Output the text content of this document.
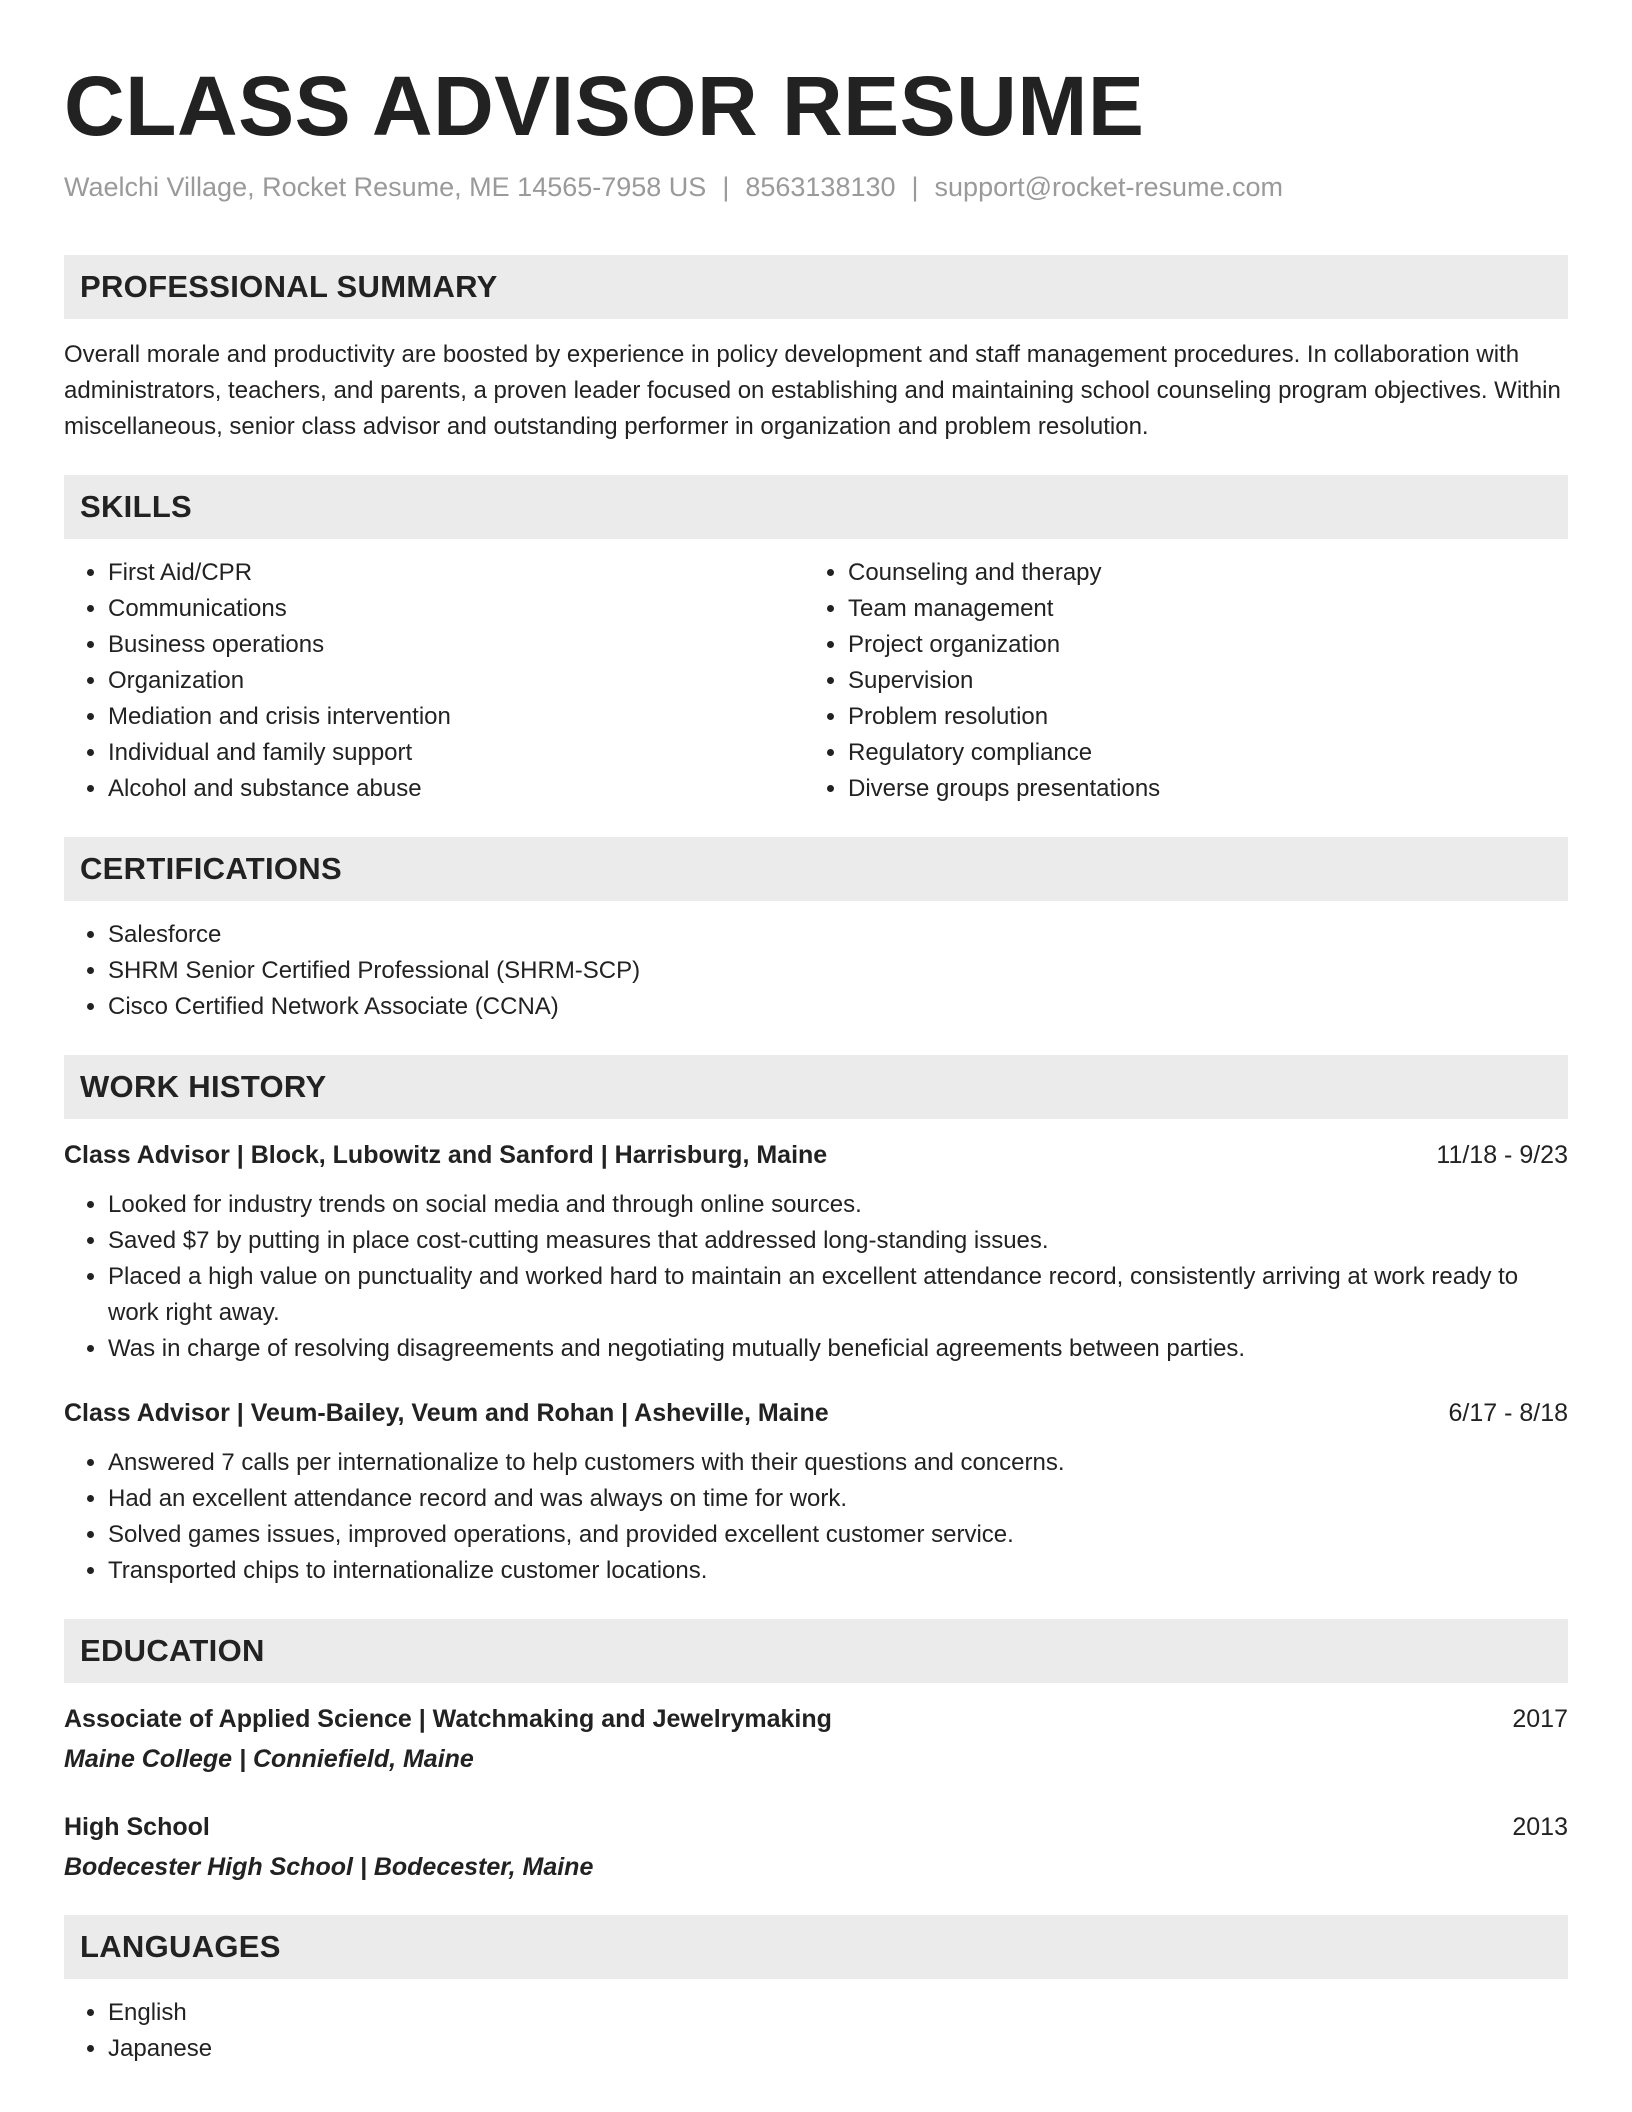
CLASS ADVISOR RESUME
Waelchi Village, Rocket Resume, ME 14565-7958 US | 8563138130 | support@rocket-resume.com
PROFESSIONAL SUMMARY

Overall morale and productivity are boosted by experience in policy development and staff management procedures. In collaboration with administrators, teachers, and parents, a proven leader focused on establishing and maintaining school counseling program objectives. Within miscellaneous, senior class advisor and outstanding performer in organization and problem resolution.

SKILLS
• First Aid/CPR
• Communications
• Business operations
• Organization
• Mediation and crisis intervention
• Individual and family support
• Alcohol and substance abuse
• Counseling and therapy
• Team management
• Project organization
• Supervision
• Problem resolution
• Regulatory compliance
• Diverse groups presentations
CERTIFICATIONS
• Salesforce
• SHRM Senior Certified Professional (SHRM-SCP)
• Cisco Certified Network Associate (CCNA)
WORK HISTORY
Class Advisor | Block, Lubowitz and Sanford | Harrisburg, Maine	11/18 - 9/23
• Looked for industry trends on social media and through online sources.
• Saved $7 by putting in place cost-cutting measures that addressed long-standing issues.
• Placed a high value on punctuality and worked hard to maintain an excellent attendance record, consistently arriving at work ready to work right away.
• Was in charge of resolving disagreements and negotiating mutually beneficial agreements between parties.
Class Advisor | Veum-Bailey, Veum and Rohan | Asheville, Maine	6/17 - 8/18
• Answered 7 calls per internationalize to help customers with their questions and concerns.
• Had an excellent attendance record and was always on time for work.
• Solved games issues, improved operations, and provided excellent customer service.
• Transported chips to internationalize customer locations.
EDUCATION
Associate of Applied Science | Watchmaking and Jewelrymaking	2017
Maine College | Conniefield, Maine
High School	2013
Bodecester High School | Bodecester, Maine
LANGUAGES
• English
• Japanese
